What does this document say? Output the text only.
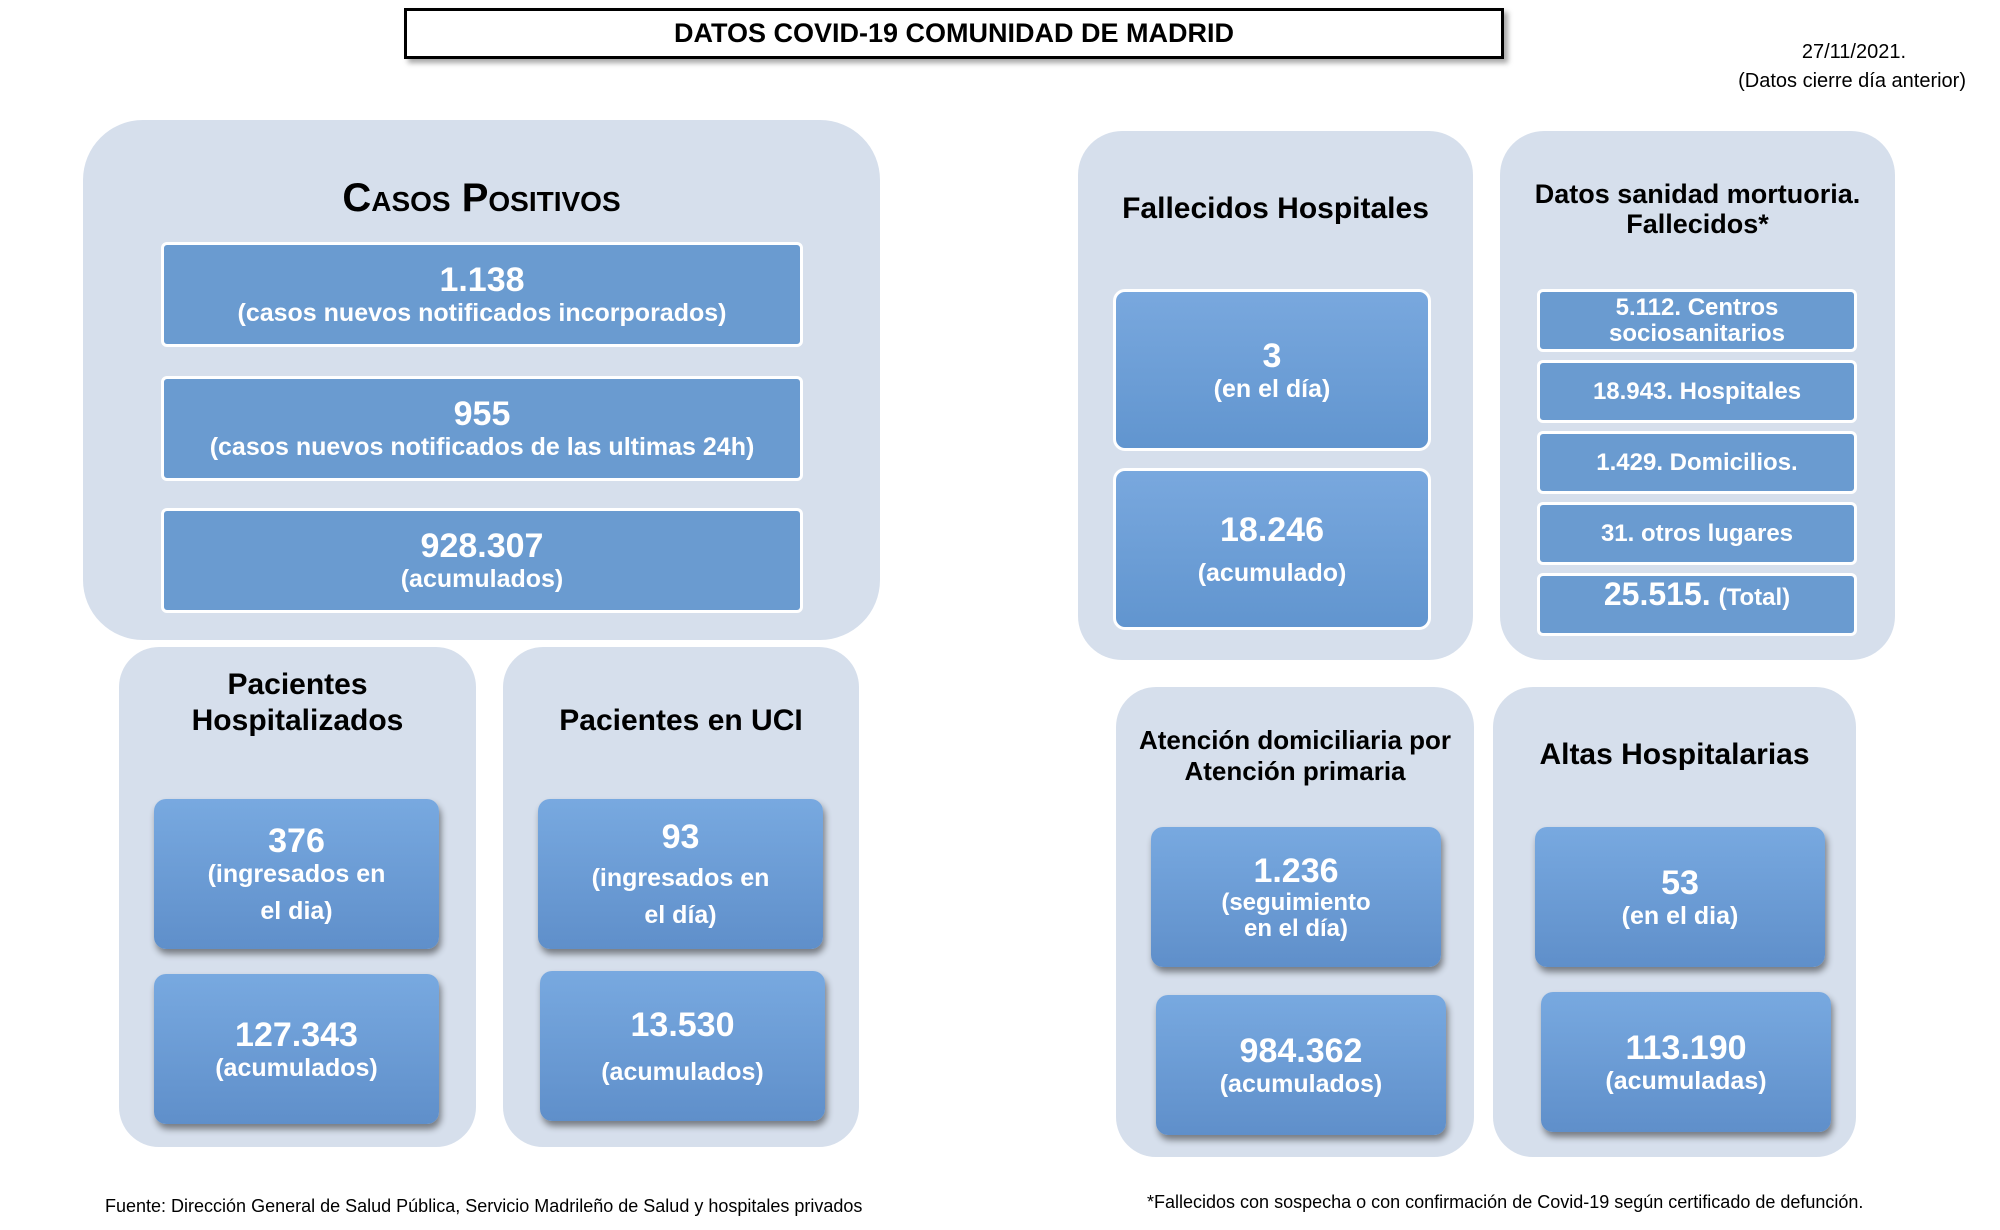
DATOS COVID-19 COMUNIDAD DE MADRID
27/11/2021.
(Datos cierre día anterior)
Casos Positivos
1.138
(casos nuevos notificados incorporados)
955
(casos nuevos notificados de las ultimas 24h)
928.307
(acumulados)
Pacientes
Hospitalizados
376
(ingresados en
el dia)
127.343
(acumulados)
Pacientes en UCI
93
(ingresados en
el día)
13.530
(acumulados)
Fallecidos Hospitales
3
(en el día)
18.246
(acumulado)
Datos sanidad mortuoria.
Fallecidos*
5.112. Centros
sociosanitarios
18.943. Hospitales
1.429. Domicilios.
31. otros lugares
25.515. (Total)
Atención domiciliaria por
Atención primaria
1.236
(seguimiento
en el día)
984.362
(acumulados)
Altas Hospitalarias
53
(en el dia)
113.190
(acumuladas)
Fuente: Dirección General de Salud Pública, Servicio Madrileño de Salud y hospitales privados	*Fallecidos con sospecha o con confirmación de Covid-19 según certificado de defunción.
